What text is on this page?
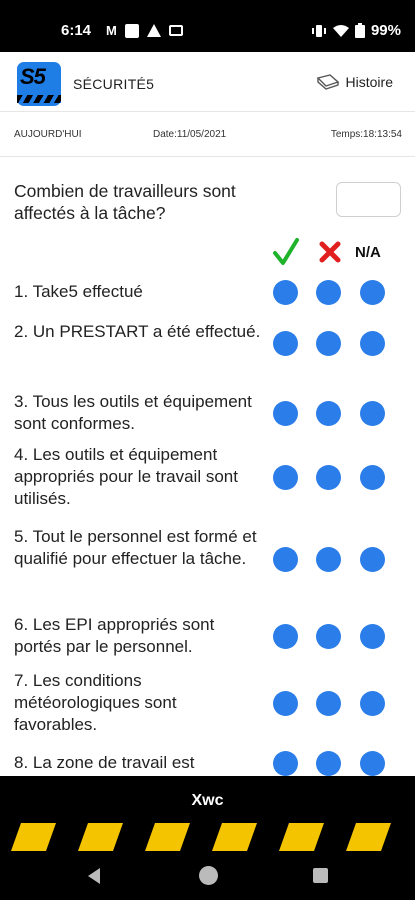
6:14 M	99%
S5 SÉCURITÉ5	Histoire
AUJOURD'HUI	Date:11/05/2021	Temps:18:13:54
Combien de travailleurs sont affectés à la tâche?
N/A
1. Take5 effectué
2. Un PRESTART a été effectué.
3. Tous les outils et équipement sont conformes.
4. Les outils et équipement appropriés pour le travail sont utilisés.
5. Tout le personnel est formé et qualifié pour effectuer la tâche.
6. Les EPI appropriés sont portés par le personnel.
7. Les conditions météorologiques sont favorables.
8. La zone de travail est
Xwc
